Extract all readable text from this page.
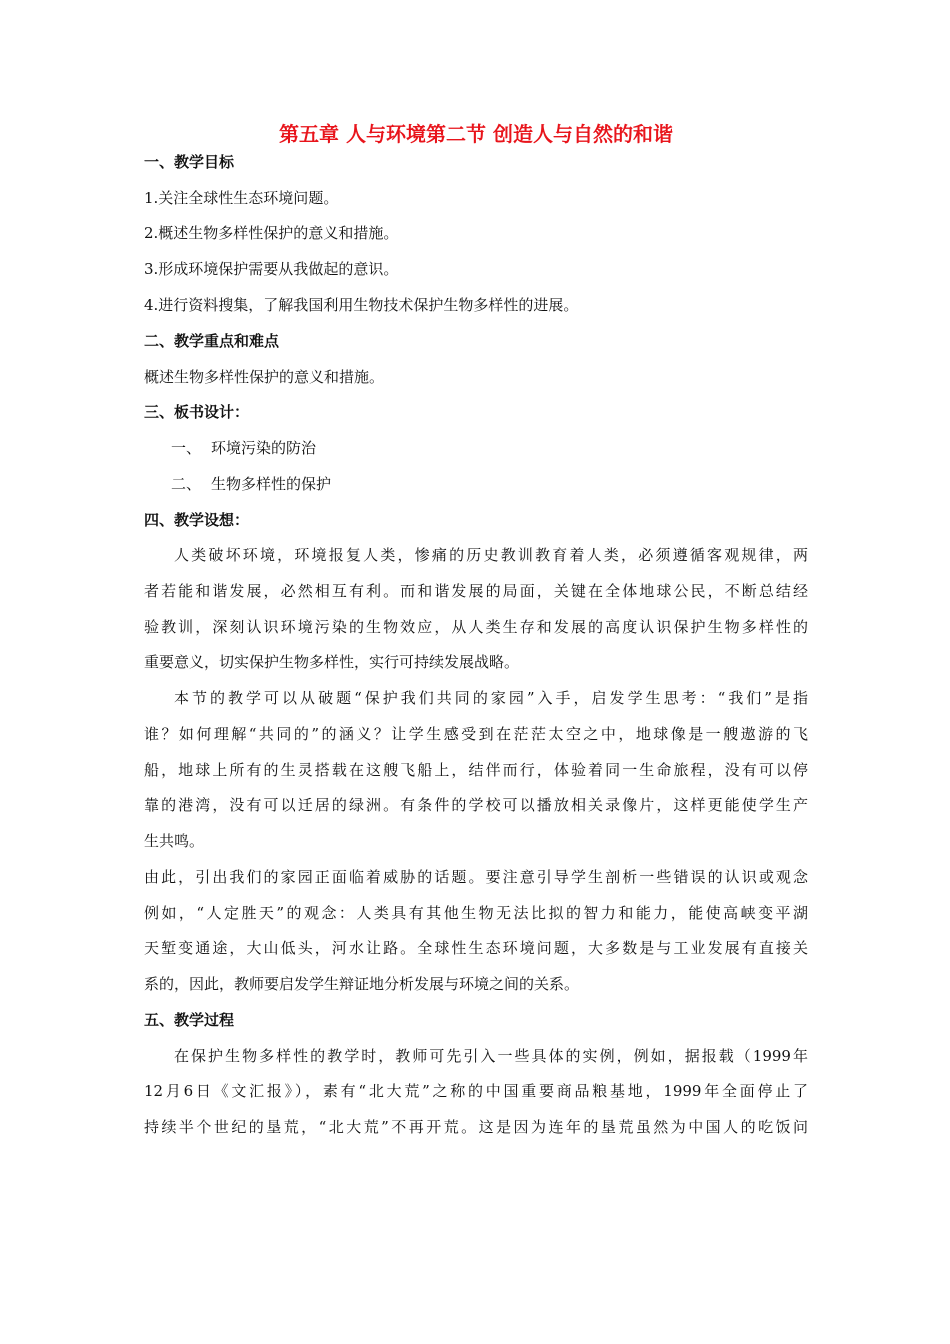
第五章 人与环境第二节 创造人与自然的和谐
一、教学目标
1.关注全球性生态环境问题。
2.概述生物多样性保护的意义和措施。
3.形成环境保护需要从我做起的意识。
4.进行资料搜集，了解我国利用生物技术保护生物多样性的进展。
二、教学重点和难点
概述生物多样性保护的意义和措施。
三、板书设计：
一、 环境污染的防治
二、 生物多样性的保护
四、教学设想：
人类破坏环境，环境报复人类，惨痛的历史教训教育着人类，必须遵循客观规律，两
者若能和谐发展，必然相互有利。而和谐发展的局面，关键在全体地球公民，不断总结经
验教训，深刻认识环境污染的生物效应，从人类生存和发展的高度认识保护生物多样性的
重要意义，切实保护生物多样性，实行可持续发展战略。
本节的教学可以从破题“保护我们共同的家园”入手，启发学生思考：“我们”是指
谁？如何理解“共同的”的涵义？让学生感受到在茫茫太空之中，地球像是一艘遨游的飞
船，地球上所有的生灵搭载在这艘飞船上，结伴而行，体验着同一生命旅程，没有可以停
靠的港湾，没有可以迁居的绿洲。有条件的学校可以播放相关录像片，这样更能使学生产
生共鸣。
由此，引出我们的家园正面临着威胁的话题。要注意引导学生剖析一些错误的认识或观念
例如，“人定胜天”的观念：人类具有其他生物无法比拟的智力和能力，能使高峡变平湖
天堑变通途，大山低头，河水让路。全球性生态环境问题，大多数是与工业发展有直接关
系的，因此，教师要启发学生辩证地分析发展与环境之间的关系。
五、教学过程
在保护生物多样性的教学时，教师可先引入一些具体的实例，例如，据报载（1999年
12月6日《文汇报》），素有“北大荒”之称的中国重要商品粮基地，1999年全面停止了
持续半个世纪的垦荒，“北大荒”不再开荒。这是因为连年的垦荒虽然为中国人的吃饭问
